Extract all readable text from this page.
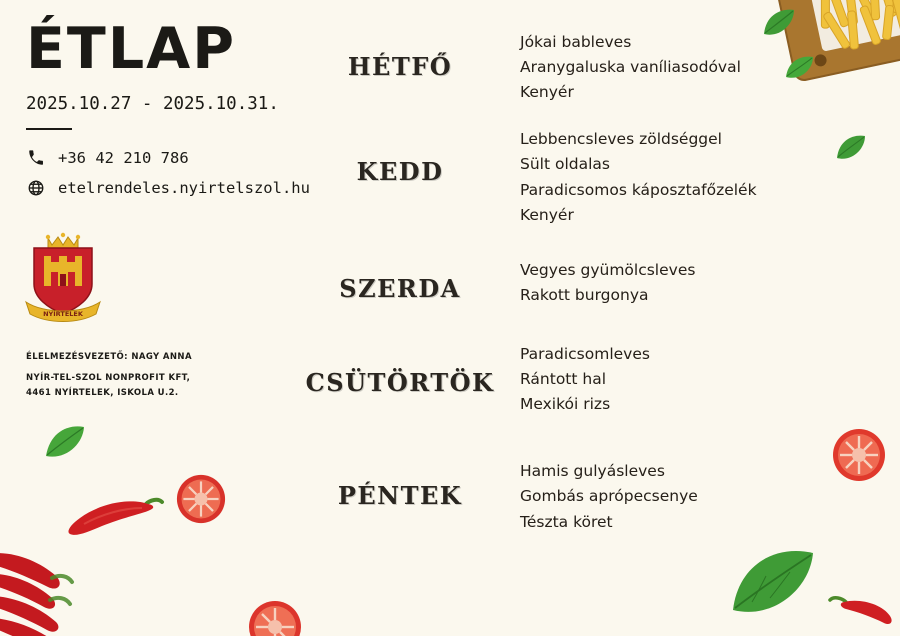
ÉTLAP
2025.10.27 - 2025.10.31.
+36 42 210 786
etelrendeles.nyirtelszol.hu
NYÍRTELEK
ÉLELMEZÉSVEZETŐ: NAGY ANNA
NYÍR-TEL-SZOL NONPROFIT KFT,
4461 NYÍRTELEK, ISKOLA U.2.
HÉTFŐ
Jókai bableves
Aranygaluska vaníliasodóval
Kenyér
KEDD
Lebbencsleves zöldséggel
Sült oldalas
Paradicsomos káposztafőzelék
Kenyér
SZERDA
Vegyes gyümölcsleves
Rakott burgonya
CSÜTÖRTÖK
Paradicsomleves
Rántott hal
Mexikói rizs
PÉNTEK
Hamis gulyásleves
Gombás aprópecsenye
Tészta köret
